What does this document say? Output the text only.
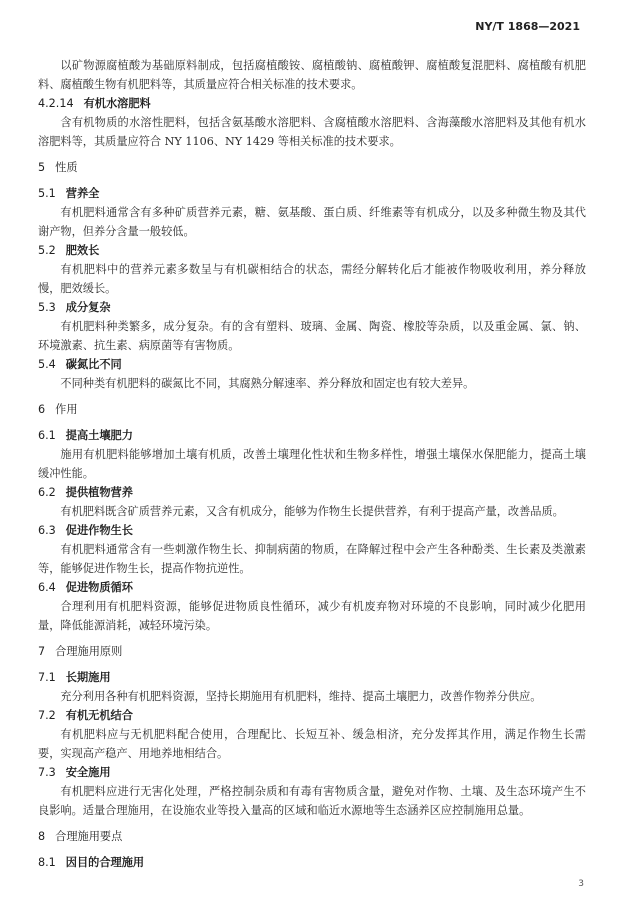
NY/T 1868—2021

以矿物源腐植酸为基础原料制成，包括腐植酸铵、腐植酸钠、腐植酸钾、腐植酸复混肥料、腐植酸有机肥料、腐植酸生物有机肥料等，其质量应符合相关标准的技术要求。

4.2.14 有机水溶肥料

含有机物质的水溶性肥料，包括含氨基酸水溶肥料、含腐植酸水溶肥料、含海藻酸水溶肥料及其他有机水溶肥料等，其质量应符合 NY 1106、NY 1429 等相关标准的技术要求。

5 性质
5.1 营养全

有机肥料通常含有多种矿质营养元素，糖、氨基酸、蛋白质、纤维素等有机成分，以及多种微生物及其代谢产物，但养分含量一般较低。

5.2 肥效长

有机肥料中的营养元素多数呈与有机碳相结合的状态，需经分解转化后才能被作物吸收利用，养分释放慢，肥效缓长。

5.3 成分复杂

有机肥料种类繁多，成分复杂。有的含有塑料、玻璃、金属、陶瓷、橡胶等杂质，以及重金属、氯、钠、环境激素、抗生素、病原菌等有害物质。

5.4 碳氮比不同

不同种类有机肥料的碳氮比不同，其腐熟分解速率、养分释放和固定也有较大差异。

6 作用
6.1 提高土壤肥力

施用有机肥料能够增加土壤有机质，改善土壤理化性状和生物多样性，增强土壤保水保肥能力，提高土壤缓冲性能。

6.2 提供植物营养

有机肥料既含矿质营养元素，又含有机成分，能够为作物生长提供营养，有利于提高产量，改善品质。

6.3 促进作物生长

有机肥料通常含有一些刺激作物生长、抑制病菌的物质，在降解过程中会产生各种酚类、生长素及类激素等，能够促进作物生长，提高作物抗逆性。

6.4 促进物质循环

合理利用有机肥料资源，能够促进物质良性循环，减少有机废弃物对环境的不良影响，同时减少化肥用量，降低能源消耗，减轻环境污染。

7 合理施用原则
7.1 长期施用

充分利用各种有机肥料资源，坚持长期施用有机肥料，维持、提高土壤肥力，改善作物养分供应。

7.2 有机无机结合

有机肥料应与无机肥料配合使用，合理配比、长短互补、缓急相济，充分发挥其作用，满足作物生长需要，实现高产稳产、用地养地相结合。

7.3 安全施用

有机肥料应进行无害化处理，严格控制杂质和有毒有害物质含量，避免对作物、土壤、及生态环境产生不良影响。适量合理施用，在设施农业等投入量高的区域和临近水源地等生态涵养区应控制施用总量。

8 合理施用要点
8.1 因目的合理施用
3
